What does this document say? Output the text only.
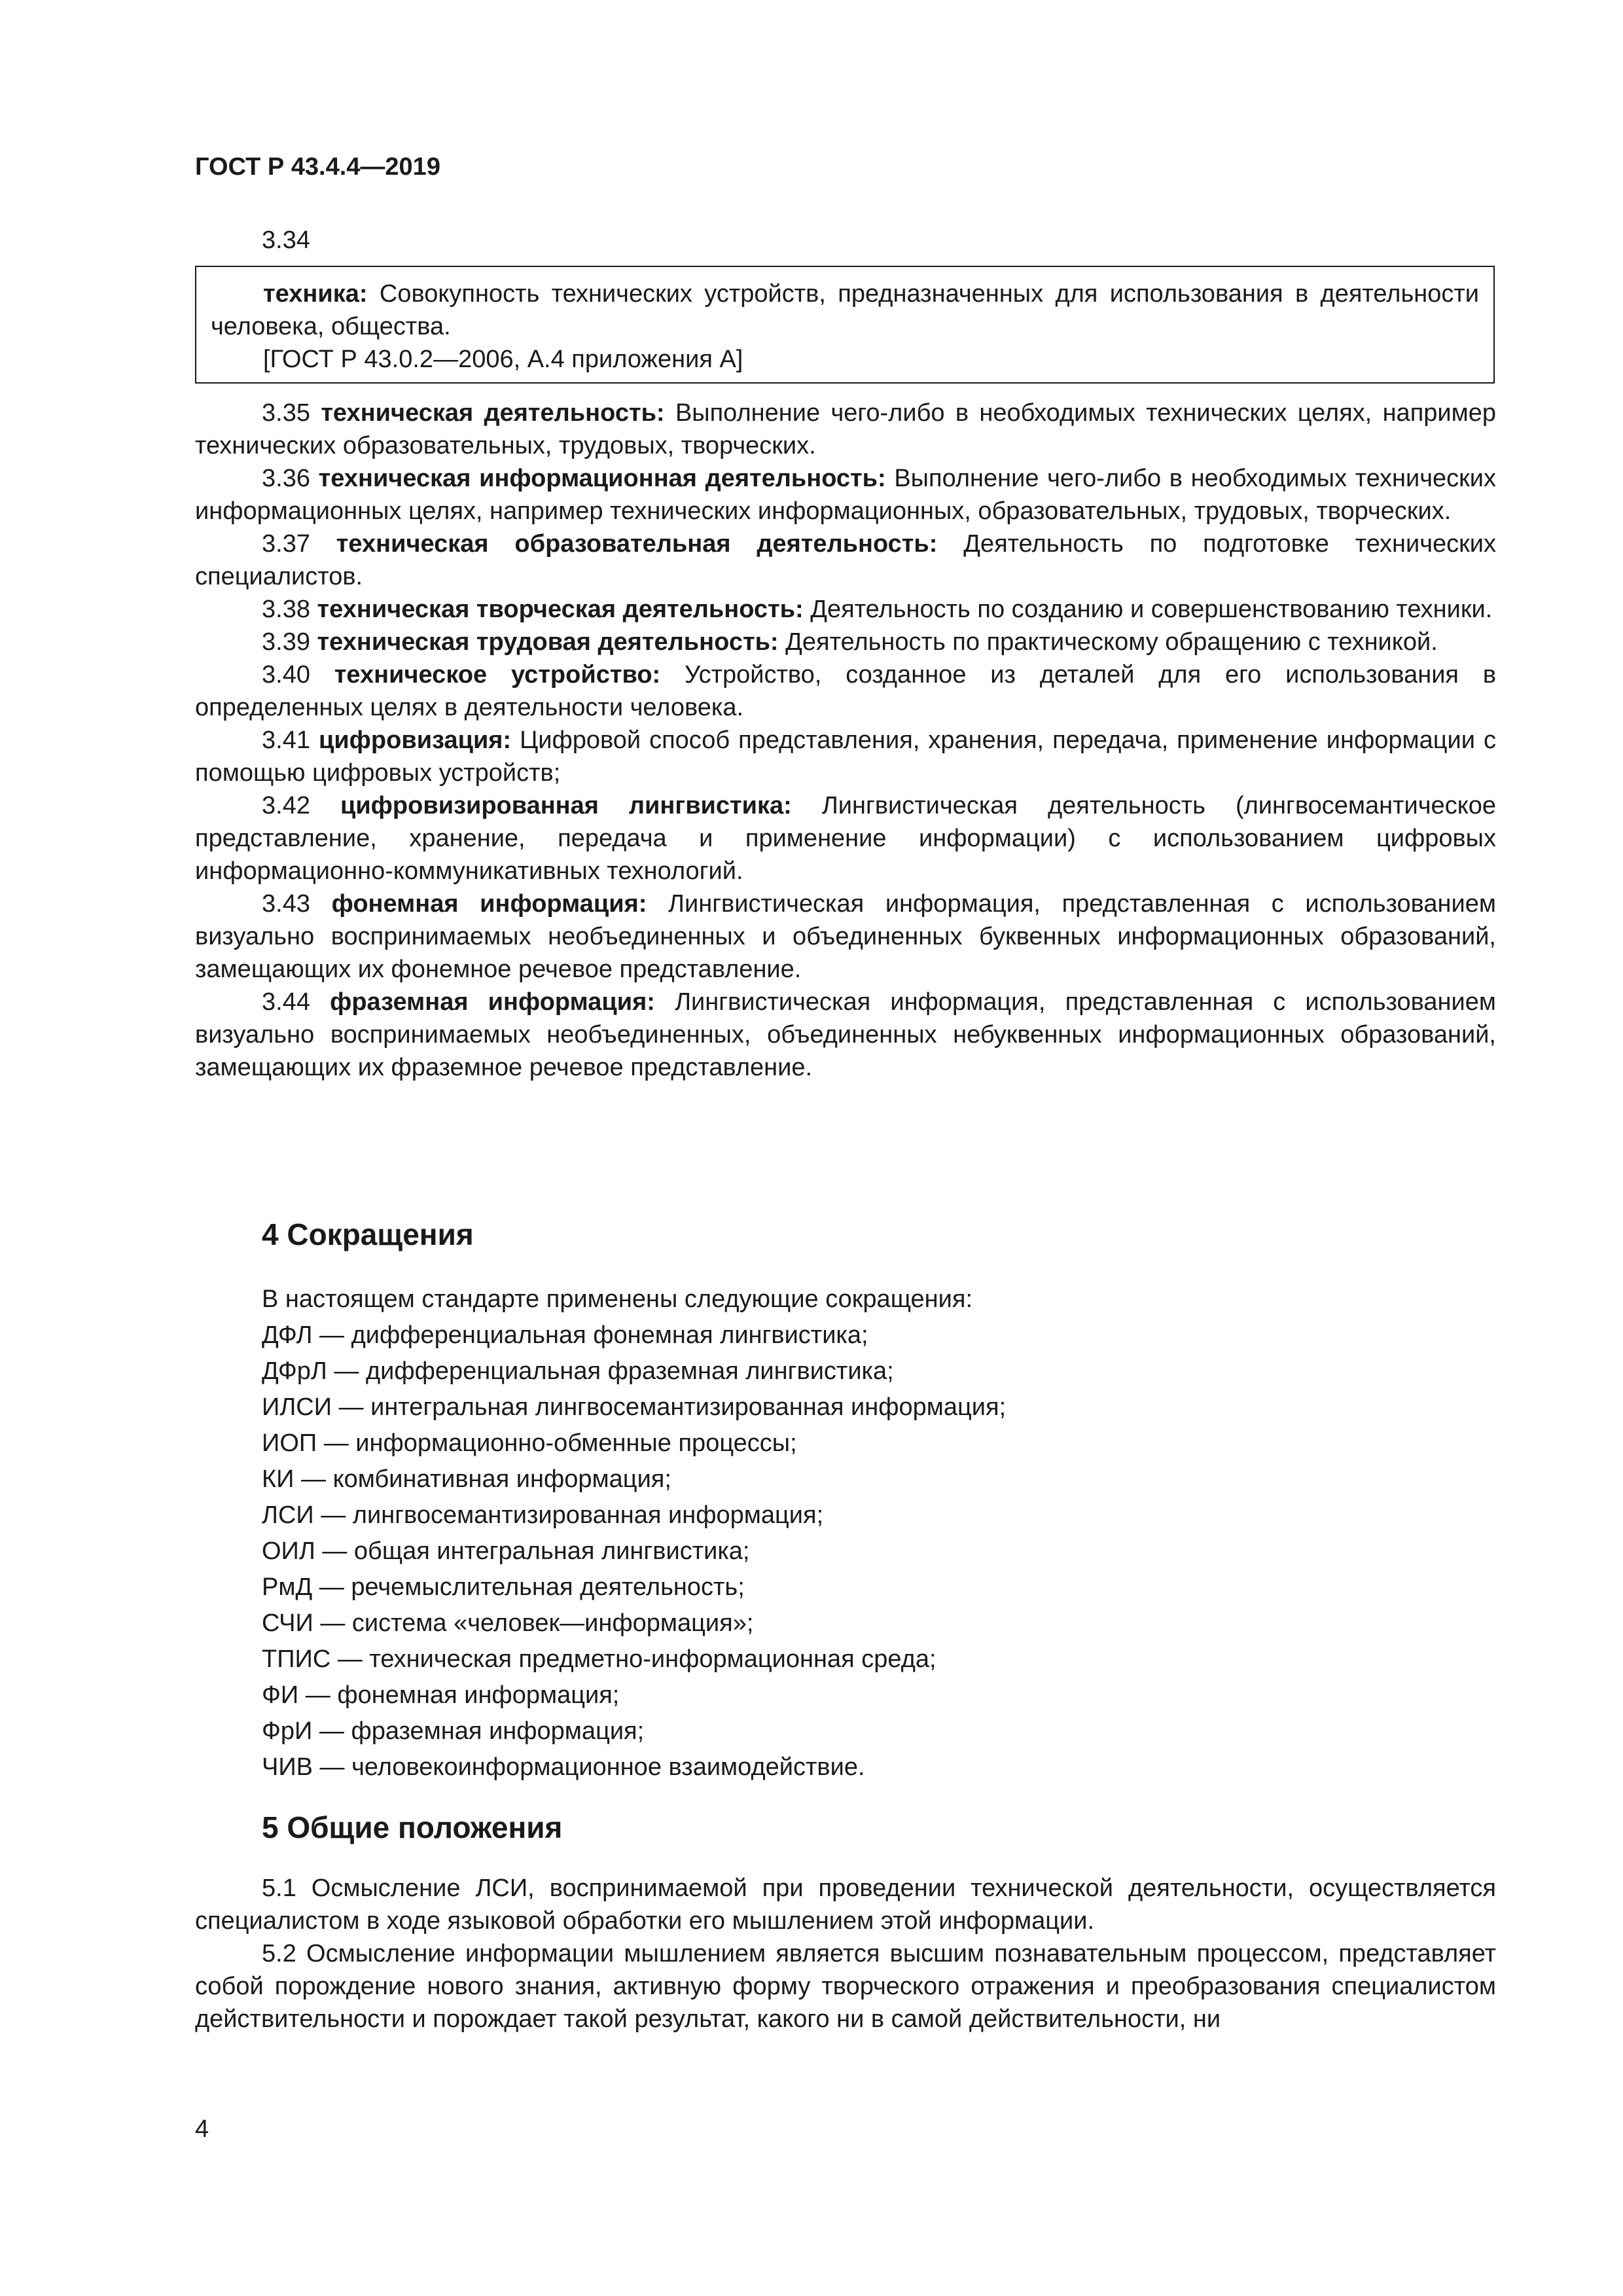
ГОСТ Р 43.4.4—2019
3.34

техника: Совокупность технических устройств, предназначенных для использования в деятельности человека, общества.

[ГОСТ Р 43.0.2—2006, А.4 приложения А]

3.35 техническая деятельность: Выполнение чего-либо в необходимых технических целях, например технических образовательных, трудовых, творческих.

3.36 техническая информационная деятельность: Выполнение чего-либо в необходимых технических информационных целях, например технических информационных, образовательных, трудовых, творческих.

3.37 техническая образовательная деятельность: Деятельность по подготовке технических специалистов.

3.38 техническая творческая деятельность: Деятельность по созданию и совершенствованию техники.

3.39 техническая трудовая деятельность: Деятельность по практическому обращению с техникой.

3.40 техническое устройство: Устройство, созданное из деталей для его использования в определенных целях в деятельности человека.

3.41 цифровизация: Цифровой способ представления, хранения, передача, применение информации с помощью цифровых устройств;

3.42 цифровизированная лингвистика: Лингвистическая деятельность (лингвосемантическое представление, хранение, передача и применение информации) с использованием цифровых информационно-коммуникативных технологий.

3.43 фонемная информация: Лингвистическая информация, представленная с использованием визуально воспринимаемых необъединенных и объединенных буквенных информационных образований, замещающих их фонемное речевое представление.

3.44 фраземная информация: Лингвистическая информация, представленная с использованием визуально воспринимаемых необъединенных, объединенных небуквенных информационных образований, замещающих их фраземное речевое представление.

4 Сокращения

В настоящем стандарте применены следующие сокращения:

ДФЛ — дифференциальная фонемная лингвистика;

ДФрЛ — дифференциальная фраземная лингвистика;

ИЛСИ — интегральная лингвосемантизированная информация;

ИОП — информационно-обменные процессы;

КИ — комбинативная информация;

ЛСИ — лингвосемантизированная информация;

ОИЛ — общая интегральная лингвистика;

РмД — речемыслительная деятельность;

СЧИ — система «человек—информация»;

ТПИС — техническая предметно-информационная среда;

ФИ — фонемная информация;

ФрИ — фраземная информация;

ЧИВ — человекоинформационное взаимодействие.

5 Общие положения

5.1 Осмысление ЛСИ, воспринимаемой при проведении технической деятельности, осуществляется специалистом в ходе языковой обработки его мышлением этой информации.

5.2 Осмысление информации мышлением является высшим познавательным процессом, представляет собой порождение нового знания, активную форму творческого отражения и преобразования специалистом действительности и порождает такой результат, какого ни в самой действительности, ни

4
